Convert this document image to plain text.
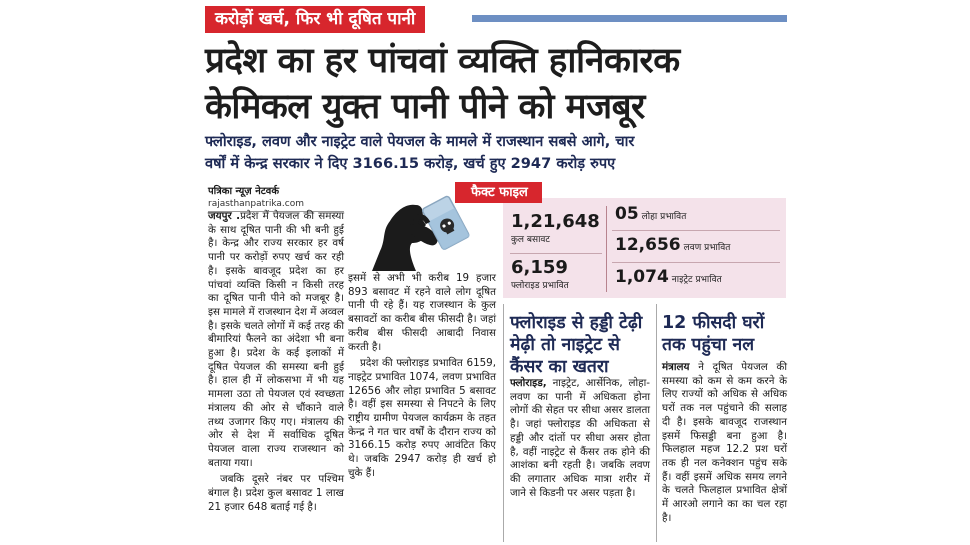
करोड़ों खर्च, फिर भी दूषित पानी
प्रदेश का हर पांचवां व्यक्ति हानिकारक
केमिकल युक्त पानी पीने को मजबूर
फ्लोराइड, लवण और नाइट्रेट वाले पेयजल के मामले में राजस्थान सबसे आगे, चार
वर्षों में केन्द्र सरकार ने दिए 3166.15 करोड़, खर्च हुए 2947 करोड़ रुपए
पत्रिका न्यूज़ नेटवर्क
rajasthanpatrika.com

जयपुर .प्रदेश में पेयजल की समस्या के साथ दूषित पानी की भी बनी हुई है। केन्द्र और राज्य सरकार हर वर्ष पानी पर करोड़ों रुपए खर्च कर रही है। इसके बावजूद प्रदेश का हर पांचवां व्यक्ति किसी न किसी तरह का दूषित पानी पीने को मजबूर है। इस मामले में राजस्थान देश में अव्वल है। इसके चलते लोगों में कई तरह की बीमारियां फैलने का अंदेशा भी बना हुआ है। प्रदेश के कई इलाकों में दूषित पेयजल की समस्या बनी हुई है। हाल ही में लोकसभा में भी यह मामला उठा तो पेयजल एवं स्वच्छता मंत्रालय की ओर से चौंकाने वाले तथ्य उजागर किए गए। मंत्रालय की ओर से देश में सर्वाधिक दूषित पेयजल वाला राज्य राजस्थान को बताया गया।

जबकि दूसरे नंबर पर पश्चिम बंगाल है। प्रदेश कुल बसावट 1 लाख 21 हजार 648 बताई गई है।

फैक्ट फाइल
1,21,648
कुल बसावट
6,159
फ्लोराइड प्रभावित
05 लोहा प्रभावित
12,656 लवण प्रभावित
1,074 नाइट्रेट प्रभावित

इसमें से अभी भी करीब 19 हजार 893 बसावट में रहने वाले लोग दूषित पानी पी रहे हैं। यह राजस्थान के कुल बसावटों का करीब बीस फीसदी है। जहां करीब बीस फीसदी आबादी निवास करती है।

प्रदेश की फ्लोराइड प्रभावित 6159, नाइट्रेट प्रभावित 1074, लवण प्रभावित 12656 और लोहा प्रभावित 5 बसावट है। वहीं इस समस्या से निपटने के लिए राष्ट्रीय ग्रामीण पेयजल कार्यक्रम के तहत केन्द्र ने गत चार वर्षों के दौरान राज्य को 3166.15 करोड़ रुपए आवंटित किए थे। जबकि 2947 करोड़ ही खर्च हो चुके हैं।

फ्लोराइड से हड्डी टेढ़ी मेढ़ी तो नाइट्रेट से कैंसर का खतरा

फ्लोराइड, नाइट्रेट, आर्सेनिक, लोहा-लवण का पानी में अधिकता होना लोगों की सेहत पर सीधा असर डालता है। जहां फ्लोराइड की अधिकता से हड्डी और दांतों पर सीधा असर होता है, वहीं नाइट्रेट से कैंसर तक होने की आशंका बनी रहती है। जबकि लवण की लगातार अधिक मात्रा शरीर में जाने से किडनी पर असर पड़ता है।

12 फीसदी घरों तक पहुंचा नल

मंत्रालय ने दूषित पेयजल की समस्या को कम से कम करने के लिए राज्यों को अधिक से अधिक घरों तक नल पहुंचाने की सलाह दी है। इसके बावजूद राजस्थान इसमें फिसड्डी बना हुआ है। फिलहाल महज 12.2 प्रश घरों तक ही नल कनेक्शन पहुंच सके हैं। वहीं इसमें अधिक समय लगने के चलते फिलहाल प्रभावित क्षेत्रों में आरओ लगाने का का चल रहा है।
